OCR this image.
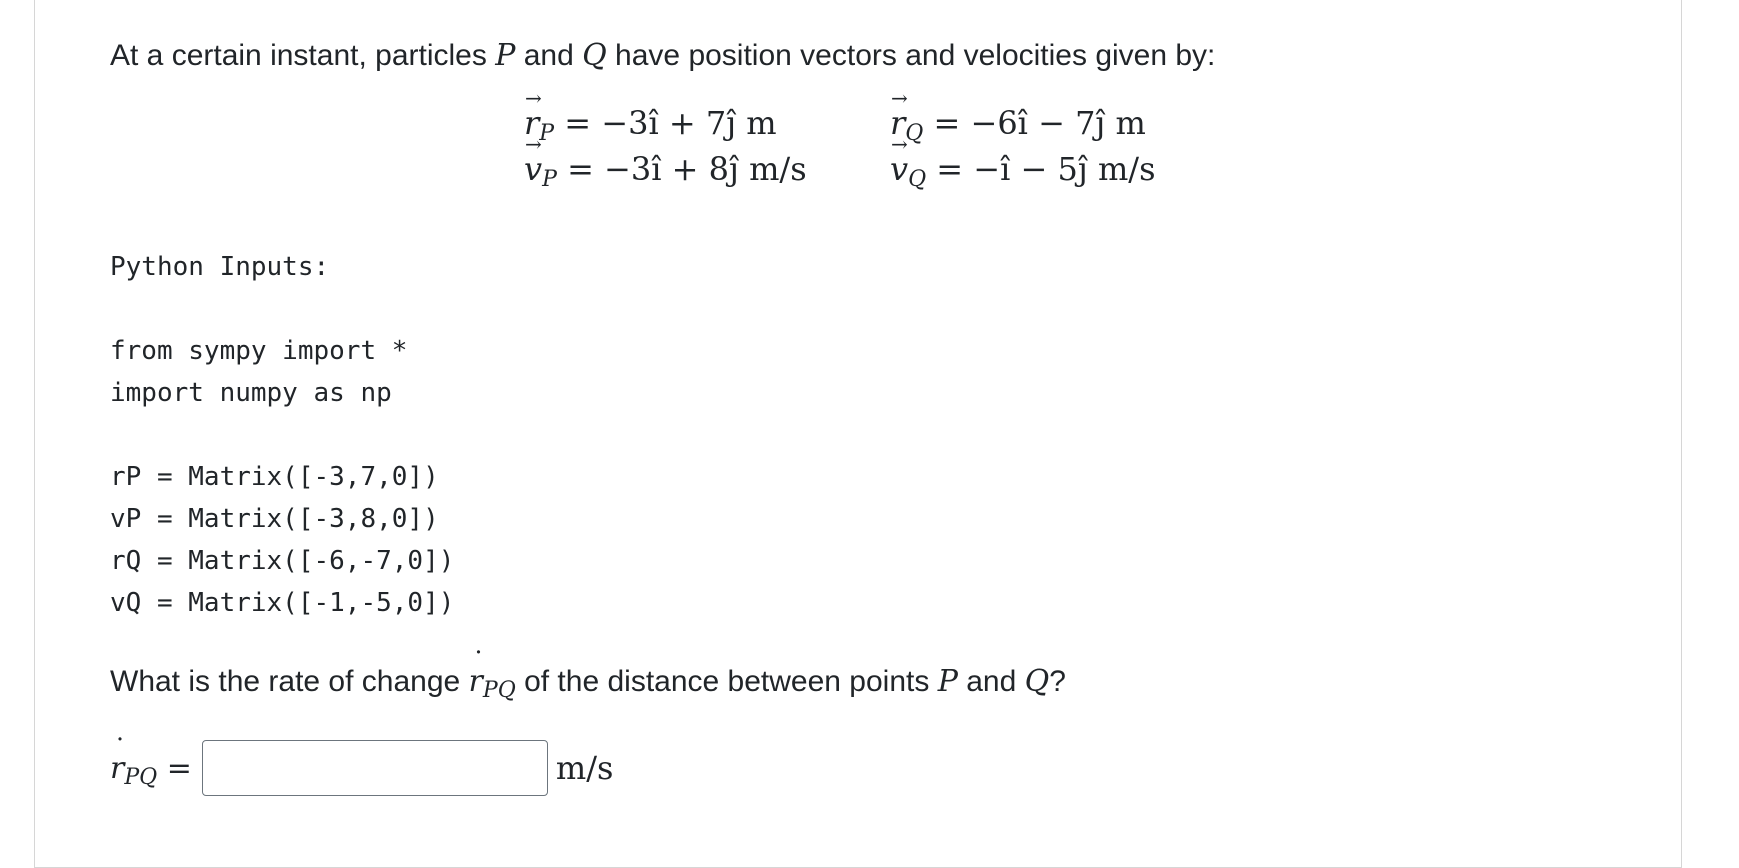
At a certain instant, particles P and Q have position vectors and velocities given by:
→ rP = −3ı̂ + 7ȷ̂ m
→ vP = −3ı̂ + 8ȷ̂ m/s
→ rQ = −6ı̂ − 7ȷ̂ m
→ vQ = −ı̂ − 5ȷ̂ m/s
Python Inputs:
from sympy import *
import numpy as np
rP = Matrix([-3,7,0])
vP = Matrix([-3,8,0])
rQ = Matrix([-6,-7,0])
vQ = Matrix([-1,-5,0])
What is the rate of change ˙ $r_{PQ}$ of the distance between points P and Q?
˙ $r_{PQ}$ =	m/s
